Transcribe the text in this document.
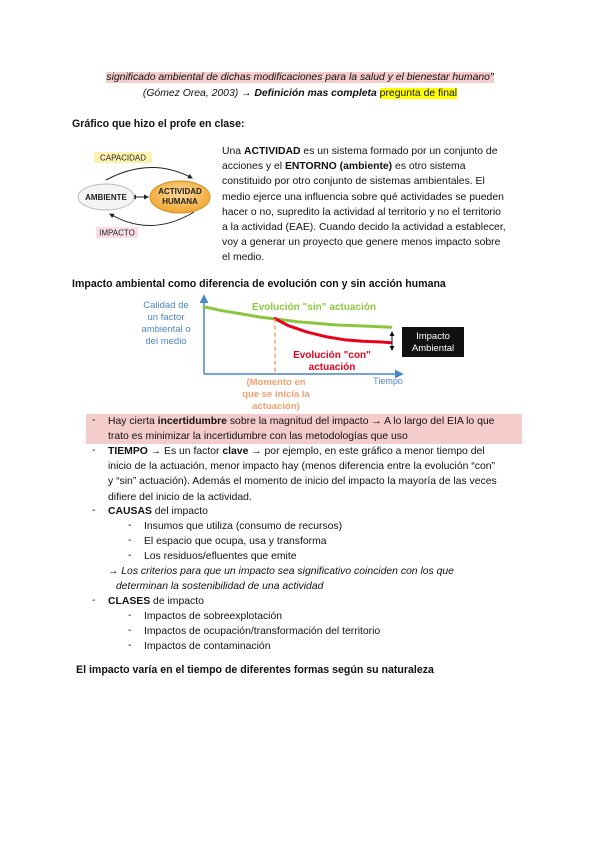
significado ambiental de dichas modificaciones para la salud y el bienestar humano"
(Gómez Orea, 2003) → Definición mas completa pregunta de final
Gráfico que hizo el profe en clase:
CAPACIDAD
AMBIENTE
ACTIVIDAD
HUMANA
IMPACTO
Una ACTIVIDAD es un sistema formado por un conjunto de
acciones y el ENTORNO (ambiente) es otro sistema
constituido por otro conjunto de sistemas ambientales. El
medio ejerce una influencia sobre qué actividades se pueden
hacer o no, supredito la actividad al territorio y no el territorio
a la actividad (EAE). Cuando decido la actividad a establecer,
voy a generar un proyecto que genere menos impacto sobre
el medio.
Impacto ambiental como diferencia de evolución con y sin acción humana
Calidad de
un factor
ambiental o
del medio
Tiempo
Evolución "sin" actuación
Evolución "con"
actuación
(Momento en
que se inicia la
actuación)
Impacto
Ambiental
- Hay cierta incertidumbre sobre la magnitud del impacto → A lo largo del EIA lo que
trato es minimizar la incertidumbre con las metodologías que uso
- TIEMPO → Es un factor clave → por ejemplo, en este gráfico a menor tiempo del
inicio de la actuación, menor impacto hay (menos diferencia entre la evolución “con”
y “sin” actuación). Además el momento de inicio del impacto la mayoría de las veces
difiere del inicio de la actividad.
- CAUSAS del impacto
- Insumos que utiliza (consumo de recursos)
- El espacio que ocupa, usa y transforma
- Los residuos/efluentes que emite
→ Los criterios para que un impacto sea significativo coinciden con los que
determinan la sostenibilidad de una actividad
- CLASES de impacto
- Impactos de sobreexplotación
- Impactos de ocupación/transformación del territorio
- Impactos de contaminación
El impacto varía en el tiempo de diferentes formas según su naturaleza
